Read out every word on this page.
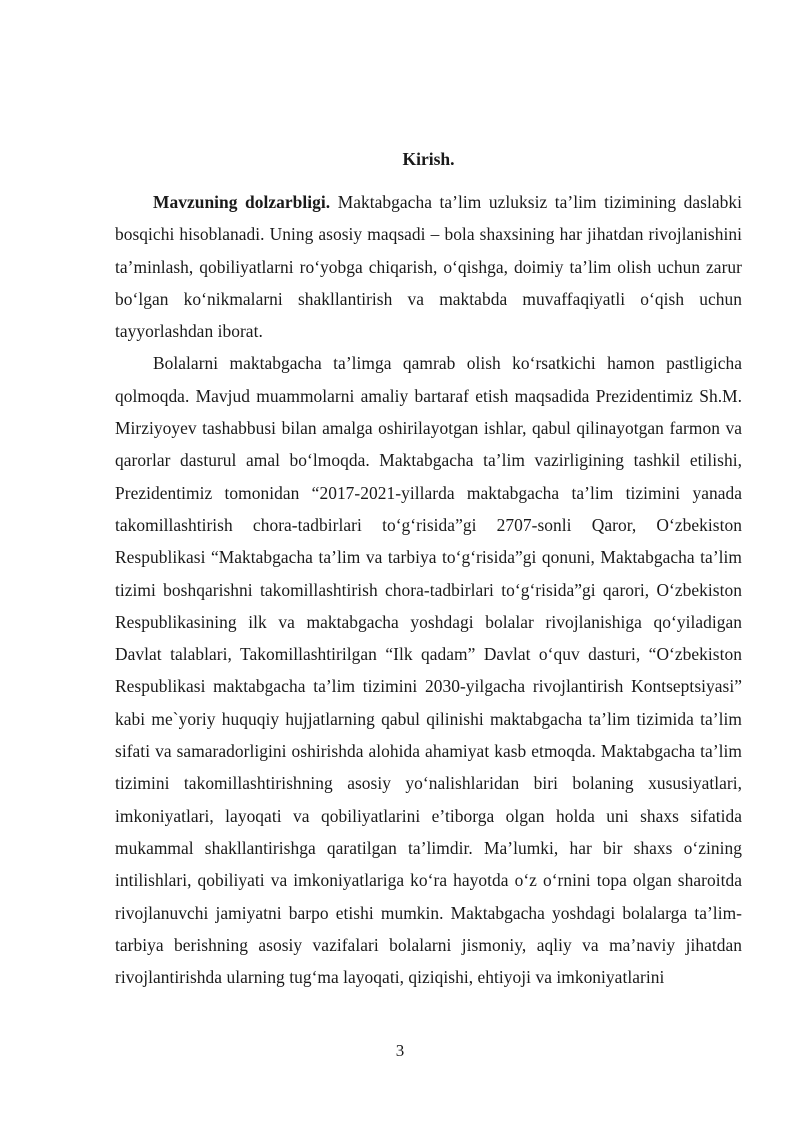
Kirish.

Mavzuning dolzarbligi. Maktabgacha ta’lim uzluksiz ta’lim tizimining daslabki bosqichi hisoblanadi. Uning asosiy maqsadi – bola shaxsining har jihatdan rivojlanishini ta’minlash, qobiliyatlarni ro‘yobga chiqarish, o‘qishga, doimiy ta’lim olish uchun zarur bo‘lgan ko‘nikmalarni shakllantirish va maktabda muvaffaqiyatli o‘qish uchun tayyorlashdan iborat.

Bolalarni maktabgacha ta’limga qamrab olish ko‘rsatkichi hamon pastligicha qolmoqda. Mavjud muammolarni amaliy bartaraf etish maqsadida Prezidentimiz Sh.M. Mirziyoyev tashabbusi bilan amalga oshirilayotgan ishlar, qabul qilinayotgan farmon va qarorlar dasturul amal bo‘lmoqda. Maktabgacha ta’lim vazirligining tashkil etilishi, Prezidentimiz tomonidan “2017-2021-yillarda maktabgacha ta’lim tizimini yanada takomillashtirish chora-tadbirlari to‘g‘risida”gi 2707-sonli Qaror, O‘zbekiston Respublikasi “Maktabgacha ta’lim va tarbiya to‘g‘risida”gi qonuni, Maktabgacha ta’lim tizimi boshqarishni takomillashtirish chora-tadbirlari to‘g‘risida”gi qarori, O‘zbekiston Respublikasining ilk va maktabgacha yoshdagi bolalar rivojlanishiga qo‘yiladigan Davlat talablari, Takomillashtirilgan “Ilk qadam” Davlat o‘quv dasturi, “O‘zbekiston Respublikasi maktabgacha ta’lim tizimini 2030-yilgacha rivojlantirish Kontseptsiyasi” kabi me`yoriy huquqiy hujjatlarning qabul qilinishi maktabgacha ta’lim tizimida ta’lim sifati va samaradorligini oshirishda alohida ahamiyat kasb etmoqda. Maktabgacha ta’lim tizimini takomillashtirishning asosiy yo‘nalishlaridan biri bolaning xususiyatlari, imkoniyatlari, layoqati va qobiliyatlarini e’tiborga olgan holda uni shaxs sifatida mukammal shakllantirishga qaratilgan ta’limdir. Ma’lumki, har bir shaxs o‘zining intilishlari, qobiliyati va imkoniyatlariga ko‘ra hayotda o‘z o‘rnini topa olgan sharoitda rivojlanuvchi jamiyatni barpo etishi mumkin. Maktabgacha yoshdagi bolalarga ta’lim-tarbiya berishning asosiy vazifalari bolalarni jismoniy, aqliy va ma’naviy jihatdan rivojlantirishda ularning tug‘ma layoqati, qiziqishi, ehtiyoji va imkoniyatlarini

3
